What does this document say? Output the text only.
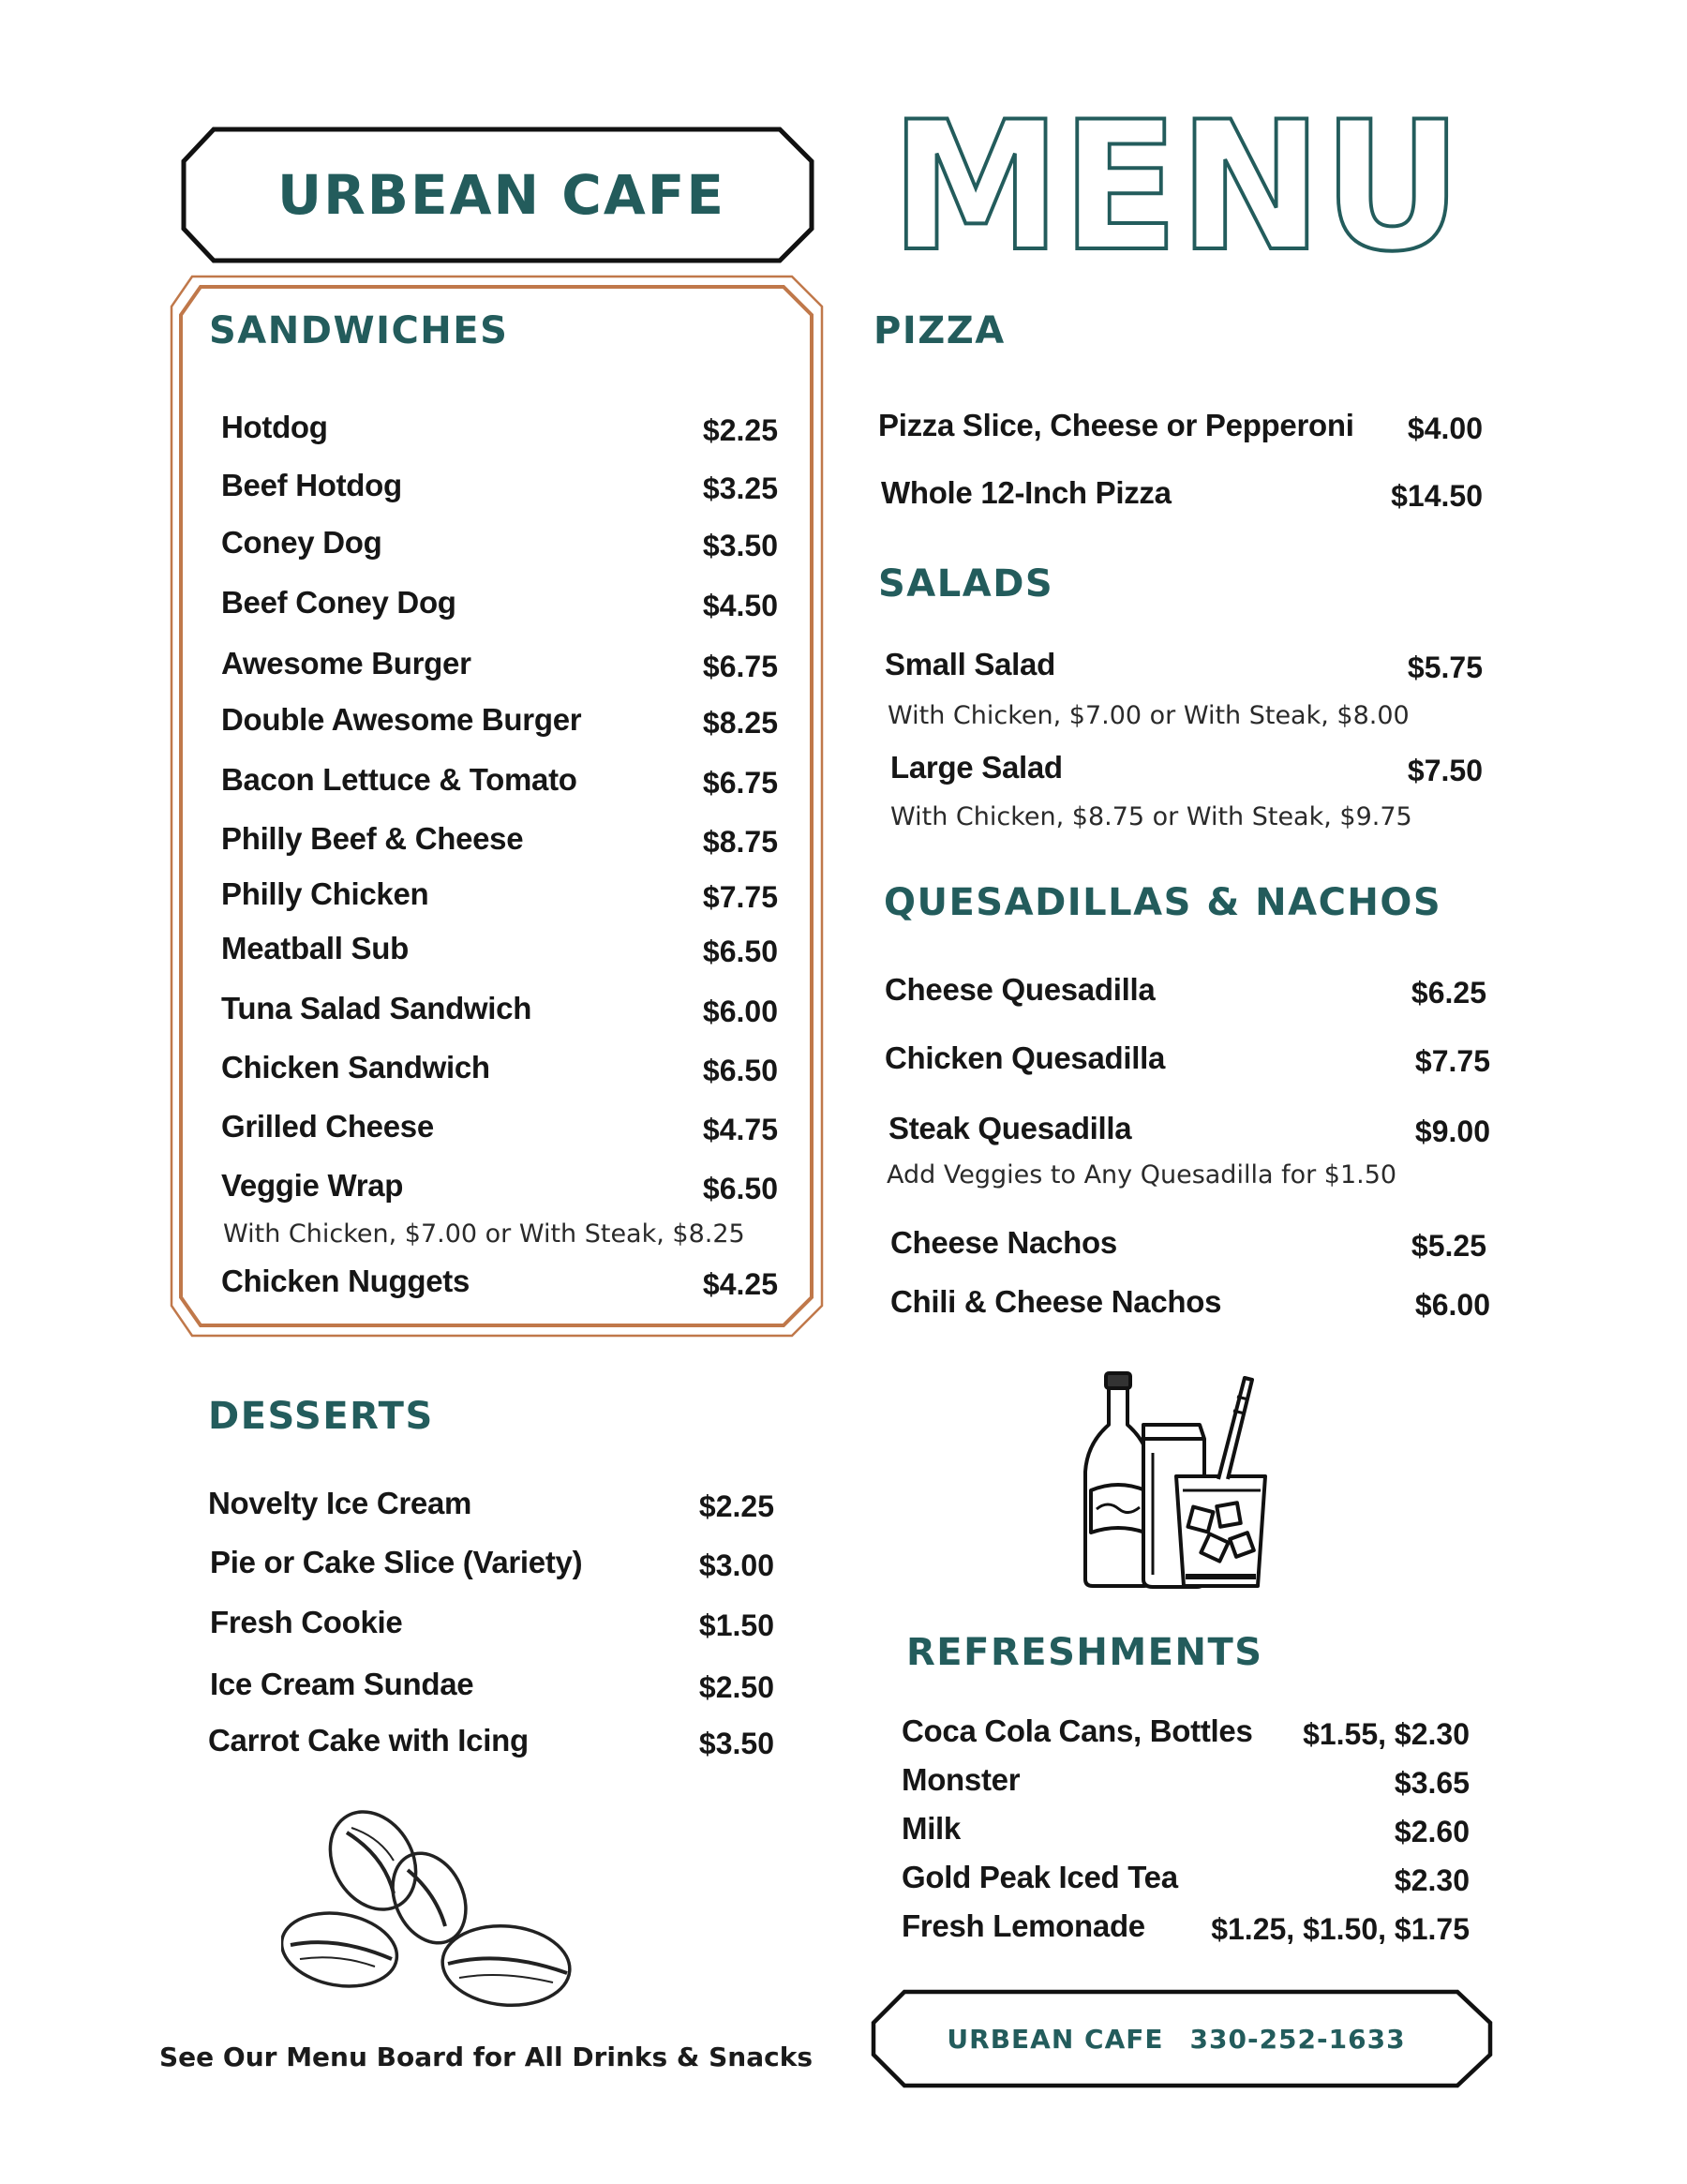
URBEAN CAFE MENU
SANDWICHES
Hotdog	$2.25
Beef Hotdog	$3.25
Coney Dog	$3.50
Beef Coney Dog	$4.50
Awesome Burger	$6.75
Double Awesome Burger	$8.25
Bacon Lettuce & Tomato	$6.75
Philly Beef & Cheese	$8.75
Philly Chicken	$7.75
Meatball Sub	$6.50
Tuna Salad Sandwich	$6.00
Chicken Sandwich	$6.50
Grilled Cheese	$4.75
Veggie Wrap	$6.50
Chicken Nuggets	$4.25
With Chicken, $7.00 or With Steak, $8.25
PIZZA
Pizza Slice, Cheese or Pepperoni $4.00
Whole 12-Inch Pizza	$14.50
SALADS
Small Salad	$5.75
Large Salad	$7.50
With Chicken, $7.00 or With Steak, $8.00
With Chicken, $8.75 or With Steak, $9.75
QUESADILLAS & NACHOS
Cheese Quesadilla	$6.25
Chicken Quesadilla	$7.75
Steak Quesadilla	$9.00
Cheese Nachos	$5.25
Chili & Cheese Nachos	$6.00
Add Veggies to Any Quesadilla for $1.50
DESSERTS
Novelty Ice Cream	$2.25
Pie or Cake Slice (Variety)	$3.00
Fresh Cookie	$1.50
Ice Cream Sundae	$2.50
Carrot Cake with Icing	$3.50
REFRESHMENTS
Coca Cola Cans, Bottles $1.55, $2.30
Monster	$3.65
Milk	$2.60
Gold Peak Iced Tea	$2.30
Fresh Lemonade $1.25, $1.50, $1.75
See Our Menu Board for All Drinks & Snacks
URBEAN CAFE 330-252-1633
